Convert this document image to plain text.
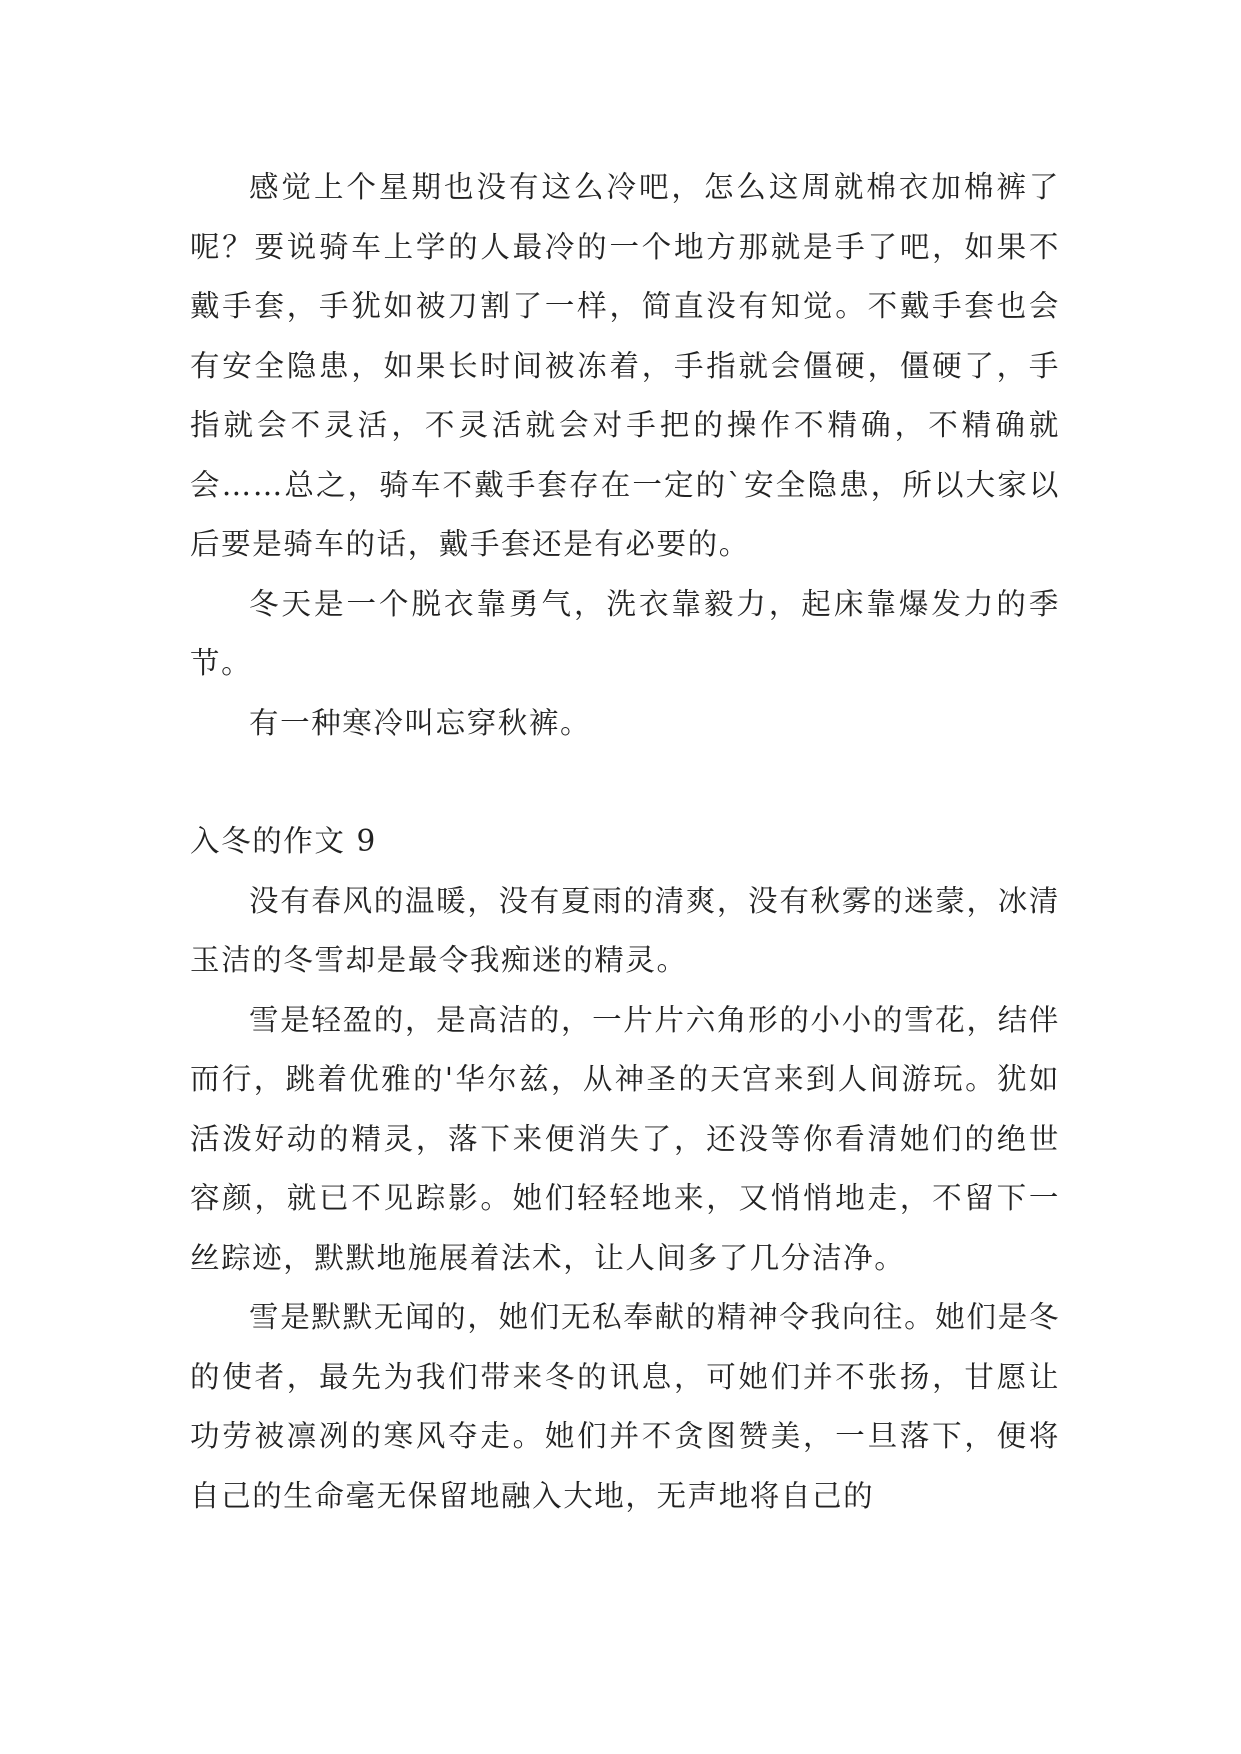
感觉上个星期也没有这么冷吧，怎么这周就棉衣加棉裤了呢？要说骑车上学的人最冷的一个地方那就是手了吧，如果不戴手套，手犹如被刀割了一样，简直没有知觉。不戴手套也会有安全隐患，如果长时间被冻着，手指就会僵硬，僵硬了，手指就会不灵活，不灵活就会对手把的操作不精确，不精确就会……总之，骑车不戴手套存在一定的`安全隐患，所以大家以后要是骑车的话，戴手套还是有必要的。

冬天是一个脱衣靠勇气，洗衣靠毅力，起床靠爆发力的季节。

有一种寒冷叫忘穿秋裤。

入冬的作文 9

没有春风的温暖，没有夏雨的清爽，没有秋雾的迷蒙，冰清玉洁的冬雪却是最令我痴迷的精灵。

雪是轻盈的，是高洁的，一片片六角形的小小的雪花，结伴而行，跳着优雅的'华尔兹，从神圣的天宫来到人间游玩。犹如活泼好动的精灵，落下来便消失了，还没等你看清她们的绝世容颜，就已不见踪影。她们轻轻地来，又悄悄地走，不留下一丝踪迹，默默地施展着法术，让人间多了几分洁净。

雪是默默无闻的，她们无私奉献的精神令我向往。她们是冬的使者，最先为我们带来冬的讯息，可她们并不张扬，甘愿让功劳被凛冽的寒风夺走。她们并不贪图赞美，一旦落下，便将自己的生命毫无保留地融入大地，无声地将自己的
